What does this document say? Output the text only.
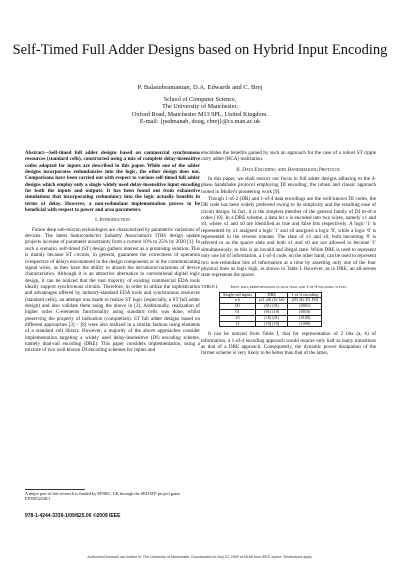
Self-Timed Full Adder Designs based on Hybrid Input Encoding
P. Balasubramanian, D.A. Edwards and C. Brej
School of Computer Science,
The University of Manchester,
Oxford Road, Manchester M13 9PL, United Kingdom.
E-mail: {padmanab, doug, cbrej}@cs.man.ac.uk

Abstract—Self-timed full adder designs based on commercial synchronous resources (standard cells), constructed using a mix of complete delay-insensitive codes adopted for inputs are described in this paper. While one of the adder designs incorporates redundancies into the logic, the other design does not. Comparisons have been carried out with respect to various self-timed full adder designs which employ only a single widely used delay-insensitive input encoding for both the inputs and outputs. It has been found out from exhaustive simulations that incorporating redundancy into the logic actually benefits in terms of delay. However, a non-redundant implementation proves to be beneficial with respect to power and area parameters.

I. Introduction

Future deep sub-micron technologies are characterized by parametric variations of devices. The latest Semiconductor Industry Association's ITRS design update projects increase of parameter uncertainty from a current 10% to 25% by 2020 [1]. In such a scenario, self-timed (ST) design gathers interest as a promising solution. This is mainly because ST circuits, in general, guarantee the correctness of operation irrespective of delays encountered in the design components or in the communicating signal wires, as they have the ability to absorb the deviations/variations of device characteristics. Although it is an attractive alternative to conventional digital logic design, it can be noticed that the vast majority of existing commercial EDA tools ideally support synchronous circuits. Therefore, in order to utilize the sophistication and advantages offered by industry-standard EDA tools and synchronous resources (standard cells), an attempt was made to realize ST logic (especially, a ST full adder design) and also validate them using the above in [2]. Additionally, realization of higher order C-elements functionality using standard cells was done, whilst preserving the property of indication (completion). ST full adder designs based on different approaches [3] – [8] were also realized in a similar fashion using elements of a standard cell library. However, a majority of the above approaches consider implementation targeting a widely used delay-insensitive (DI) encoding scheme, namely dual-rail encoding (DRE). This paper considers implementation, using a mixture of two well known DI encoding schemes for inputs and

elucidates the benefits gained by such an approach for the case of a robust ST ripple carry adder (RCA) realization.

II. Data Encoding and Handshaking Protocol

In this paper, we shall restrict our focus to full adder designs adhering to the 4-phase handshake protocol employing DI encoding; the robust and classic approach rooted in Muller's pioneering work [9].

Though 1-of-2 (DR) and 1-of-4 data encodings are the well-known DI codes, the DR code has been widely preferred owing to its simplicity and the resulting ease of circuit design. In fact, it is the simplest member of the general family of DI m-of-n codes [10]. In a DRE scheme, a data bit x is encoded into two wires, namely x1 and x0, where x1 and x0 are identified as true and false bits respectively. A logic '1' is represented by x1 assigned a logic '1' and x0 assigned a logic '0', while a logic '0' is represented in the reverse manner. The state of x1 and x0, both becoming '0' is referred to as the spacer state and both x1 and x0 are not allowed to become '1' simultaneously, as this is an invalid and illegal state. While DRE is used to represent only one bit of information, a 1-of-4 code, on the other hand, can be used to represent two non-redundant bits of information at a time by asserting only one of the four physical lines as logic high, as shown in Table I. However, as in DRE, an all-zeroes state represents the spacer.

TABLE I.	Input data representation in dual-rail and 1-of-4 encoding styles
Single-rail inputs	DRE	1-of-4 encoding
a b	(a1 a0) (b1 b0)	(D3 D2 D1 D0)
00	(01) (01)	(0001)
01	(01) (10)	(0010)
10	(10) (01)	(0100)
11	(10) (10)	(1000)

It can be noticed from Table I, that for representation of 2 bits (a, b) of information, a 1-of-4 encoding approach would require only half as many transitions as that of a DRE approach. Consequently, the dynamic power dissipation of the former scheme is very likely to be better than that of the latter,

A major part of this research is funded by EPSRC, UK through the SEDATE project grant EP/D052238/1.
978-1-4244-3339-1/09/$25.00 ©2009 IEEE
Authorized licensed use limited to: The University of Manchester. Downloaded on July 23, 2009 at 08:58 from IEEE Xplore. Restrictions apply.
